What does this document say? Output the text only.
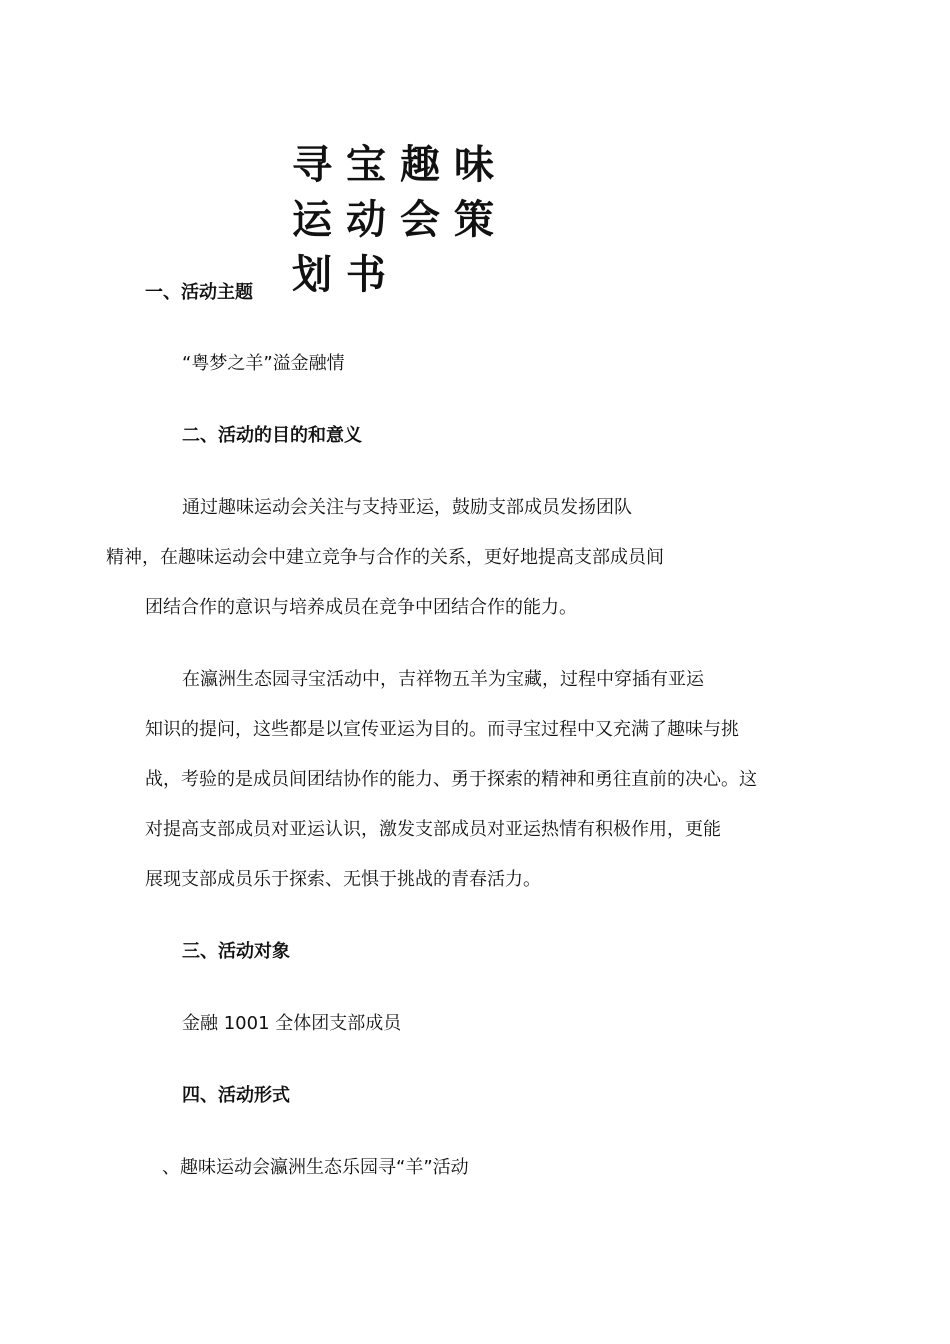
寻宝趣味运动会策划书
一、活动主题
“粤梦之羊”溢金融情
二、活动的目的和意义
通过趣味运动会关注与支持亚运，鼓励支部成员发扬团队
精神，在趣味运动会中建立竞争与合作的关系，更好地提高支部成员间
团结合作的意识与培养成员在竞争中团结合作的能力。
在瀛洲生态园寻宝活动中，吉祥物五羊为宝藏，过程中穿插有亚运
知识的提问，这些都是以宣传亚运为目的。而寻宝过程中又充满了趣味与挑
战，考验的是成员间团结协作的能力、勇于探索的精神和勇往直前的决心。这
对提高支部成员对亚运认识，激发支部成员对亚运热情有积极作用，更能
展现支部成员乐于探索、无惧于挑战的青春活力。
三、活动对象
金融 1001 全体团支部成员
四、活动形式
、趣味运动会瀛洲生态乐园寻“羊”活动
